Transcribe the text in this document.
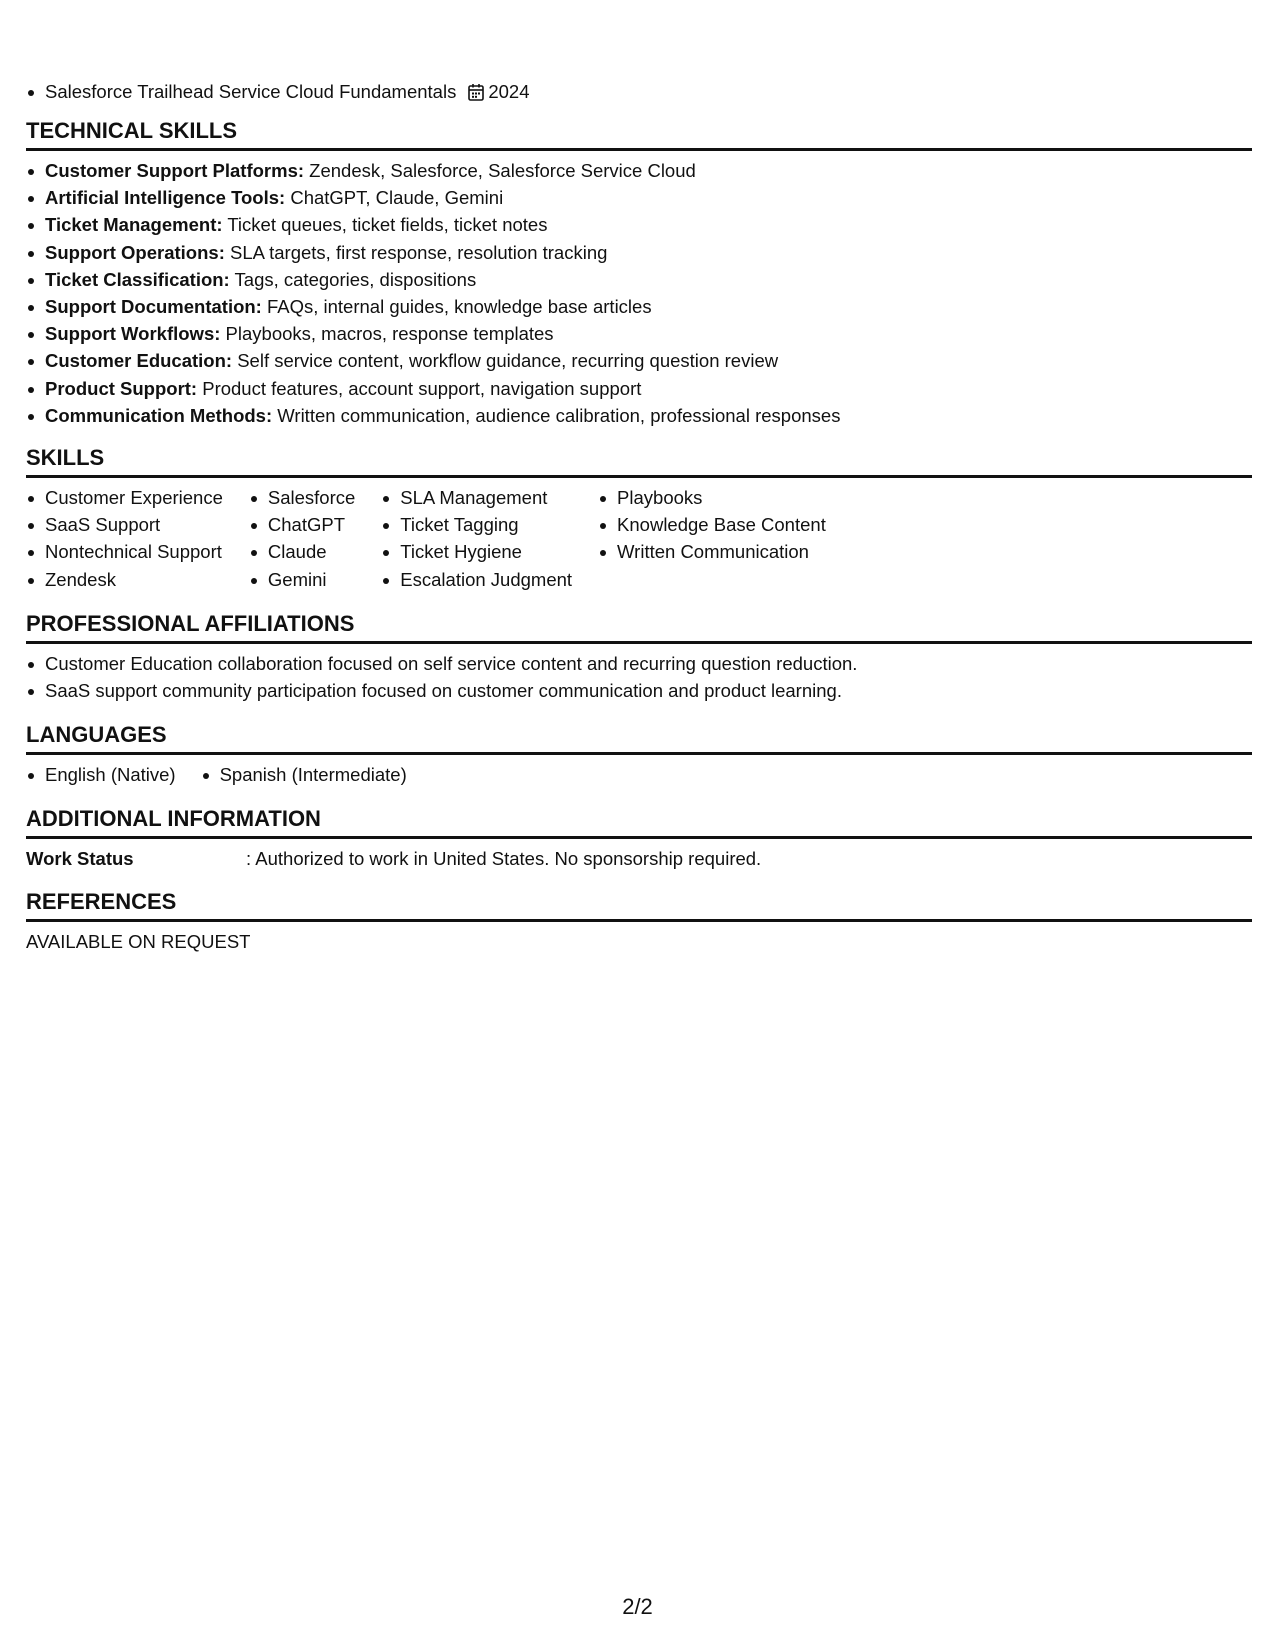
Salesforce Trailhead Service Cloud Fundamentals 2024
TECHNICAL SKILLS
Customer Support Platforms: Zendesk, Salesforce, Salesforce Service Cloud
Artificial Intelligence Tools: ChatGPT, Claude, Gemini
Ticket Management: Ticket queues, ticket fields, ticket notes
Support Operations: SLA targets, first response, resolution tracking
Ticket Classification: Tags, categories, dispositions
Support Documentation: FAQs, internal guides, knowledge base articles
Support Workflows: Playbooks, macros, response templates
Customer Education: Self service content, workflow guidance, recurring question review
Product Support: Product features, account support, navigation support
Communication Methods: Written communication, audience calibration, professional responses
SKILLS
Customer Experience
SaaS Support
Nontechnical Support
Zendesk
Salesforce
ChatGPT
Claude
Gemini
SLA Management
Ticket Tagging
Ticket Hygiene
Escalation Judgment
Playbooks
Knowledge Base Content
Written Communication
PROFESSIONAL AFFILIATIONS
Customer Education collaboration focused on self service content and recurring question reduction.
SaaS support community participation focused on customer communication and product learning.
LANGUAGES
English (Native)	Spanish (Intermediate)
ADDITIONAL INFORMATION
Work Status	: Authorized to work in United States. No sponsorship required.
REFERENCES
AVAILABLE ON REQUEST
2/2
